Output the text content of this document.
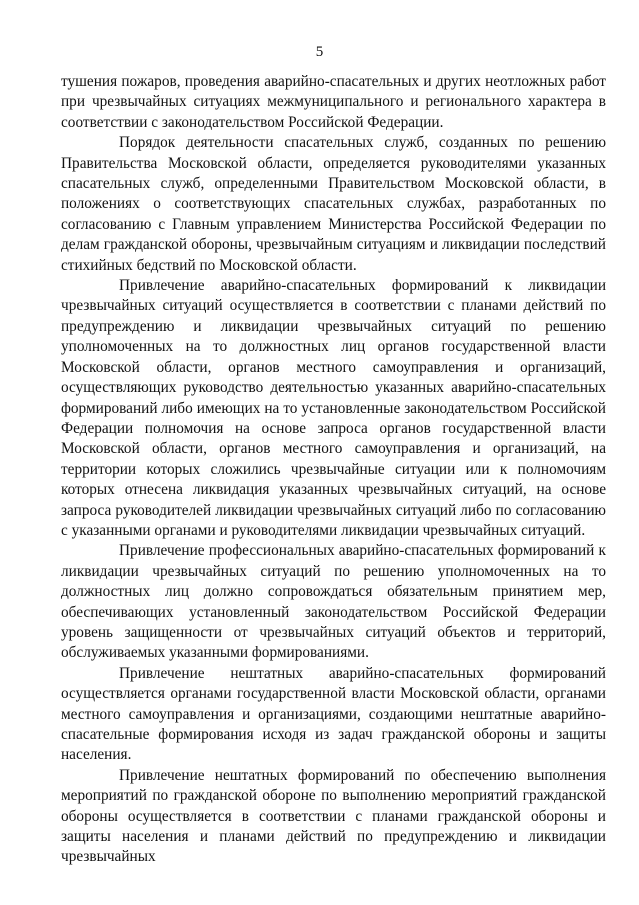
5

тушения пожаров, проведения аварийно-спасательных и других неотложных работ при чрезвычайных ситуациях межмуниципального и регионального характера в соответствии с законодательством Российской Федерации.

Порядок деятельности спасательных служб, созданных по решению Правительства Московской области, определяется руководителями указанных спасательных служб, определенными Правительством Московской области, в положениях о соответствующих спасательных службах, разработанных по согласованию с Главным управлением Министерства Российской Федерации по делам гражданской обороны, чрезвычайным ситуациям и ликвидации последствий стихийных бедствий по Московской области.

Привлечение аварийно-спасательных формирований к ликвидации чрезвычайных ситуаций осуществляется в соответствии с планами действий по предупреждению и ликвидации чрезвычайных ситуаций по решению уполномоченных на то должностных лиц органов государственной власти Московской области, органов местного самоуправления и организаций, осуществляющих руководство деятельностью указанных аварийно-спасательных формирований либо имеющих на то установленные законодательством Российской Федерации полномочия на основе запроса органов государственной власти Московской области, органов местного самоуправления и организаций, на территории которых сложились чрезвычайные ситуации или к полномочиям которых отнесена ликвидация указанных чрезвычайных ситуаций, на основе запроса руководителей ликвидации чрезвычайных ситуаций либо по согласованию с указанными органами и руководителями ликвидации чрезвычайных ситуаций.

Привлечение профессиональных аварийно-спасательных формирований к ликвидации чрезвычайных ситуаций по решению уполномоченных на то должностных лиц должно сопровождаться обязательным принятием мер, обеспечивающих установленный законодательством Российской Федерации уровень защищенности от чрезвычайных ситуаций объектов и территорий, обслуживаемых указанными формированиями.

Привлечение нештатных аварийно-спасательных формирований осуществляется органами государственной власти Московской области, органами местного самоуправления и организациями, создающими нештатные аварийно-спасательные формирования исходя из задач гражданской обороны и защиты населения.

Привлечение нештатных формирований по обеспечению выполнения мероприятий по гражданской обороне по выполнению мероприятий гражданской обороны осуществляется в соответствии с планами гражданской обороны и защиты населения и планами действий по предупреждению и ликвидации чрезвычайных
